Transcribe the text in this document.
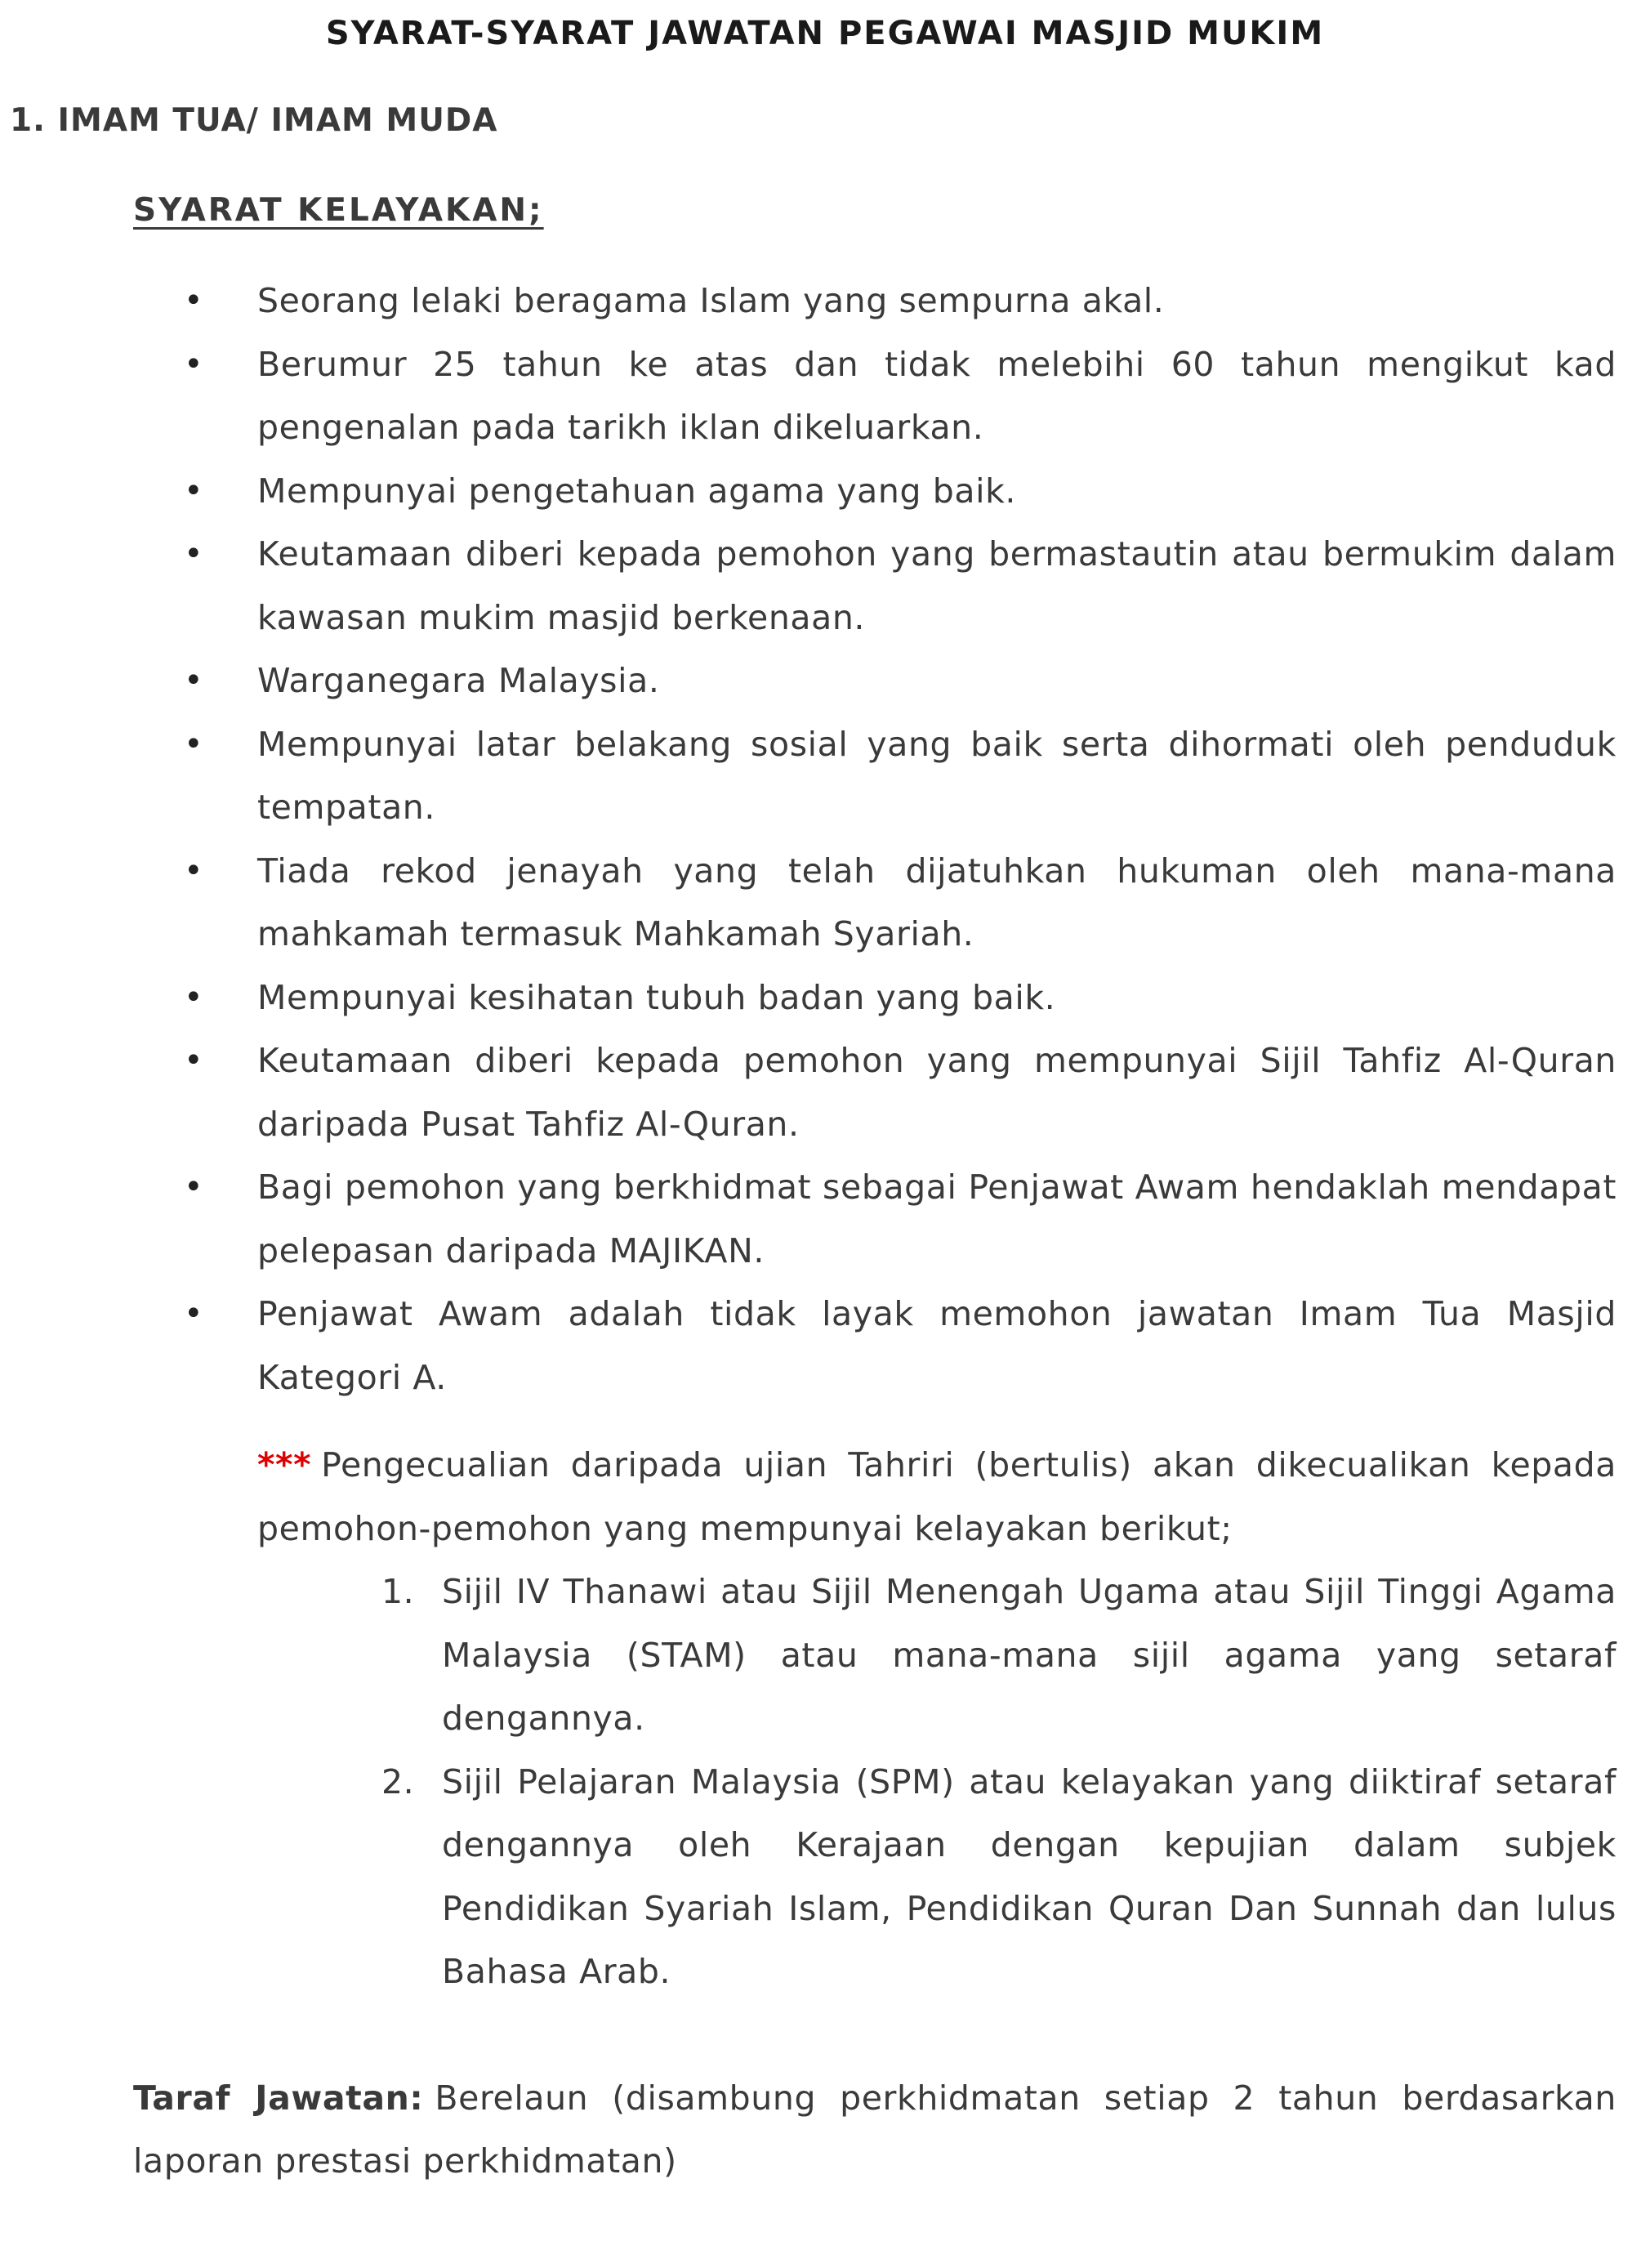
SYARAT-SYARAT JAWATAN PEGAWAI MASJID MUKIM
1. IMAM TUA/ IMAM MUDA
SYARAT KELAYAKAN;
• Seorang lelaki beragama Islam yang sempurna akal.
• Berumur 25 tahun ke atas dan tidak melebihi 60 tahun mengikut kad pengenalan pada tarikh iklan dikeluarkan.
• Mempunyai pengetahuan agama yang baik.
• Keutamaan diberi kepada pemohon yang bermastautin atau bermukim dalam kawasan mukim masjid berkenaan.
• Warganegara Malaysia.
• Mempunyai latar belakang sosial yang baik serta dihormati oleh penduduk tempatan.
• Tiada rekod jenayah yang telah dijatuhkan hukuman oleh mana-mana mahkamah termasuk Mahkamah Syariah.
• Mempunyai kesihatan tubuh badan yang baik.
• Keutamaan diberi kepada pemohon yang mempunyai Sijil Tahfiz Al-Quran daripada Pusat Tahfiz Al-Quran.
• Bagi pemohon yang berkhidmat sebagai Penjawat Awam hendaklah mendapat pelepasan daripada MAJIKAN.
• Penjawat Awam adalah tidak layak memohon jawatan Imam Tua Masjid Kategori A.
*** Pengecualian daripada ujian Tahriri (bertulis) akan dikecualikan kepada pemohon-pemohon yang mempunyai kelayakan berikut;
1. Sijil IV Thanawi atau Sijil Menengah Ugama atau Sijil Tinggi Agama Malaysia (STAM) atau mana-mana sijil agama yang setaraf dengannya.
2. Sijil Pelajaran Malaysia (SPM) atau kelayakan yang diiktiraf setaraf dengannya oleh Kerajaan dengan kepujian dalam subjek Pendidikan Syariah Islam, Pendidikan Quran Dan Sunnah dan lulus Bahasa Arab.
Taraf Jawatan: Berelaun (disambung perkhidmatan setiap 2 tahun berdasarkan laporan prestasi perkhidmatan)
